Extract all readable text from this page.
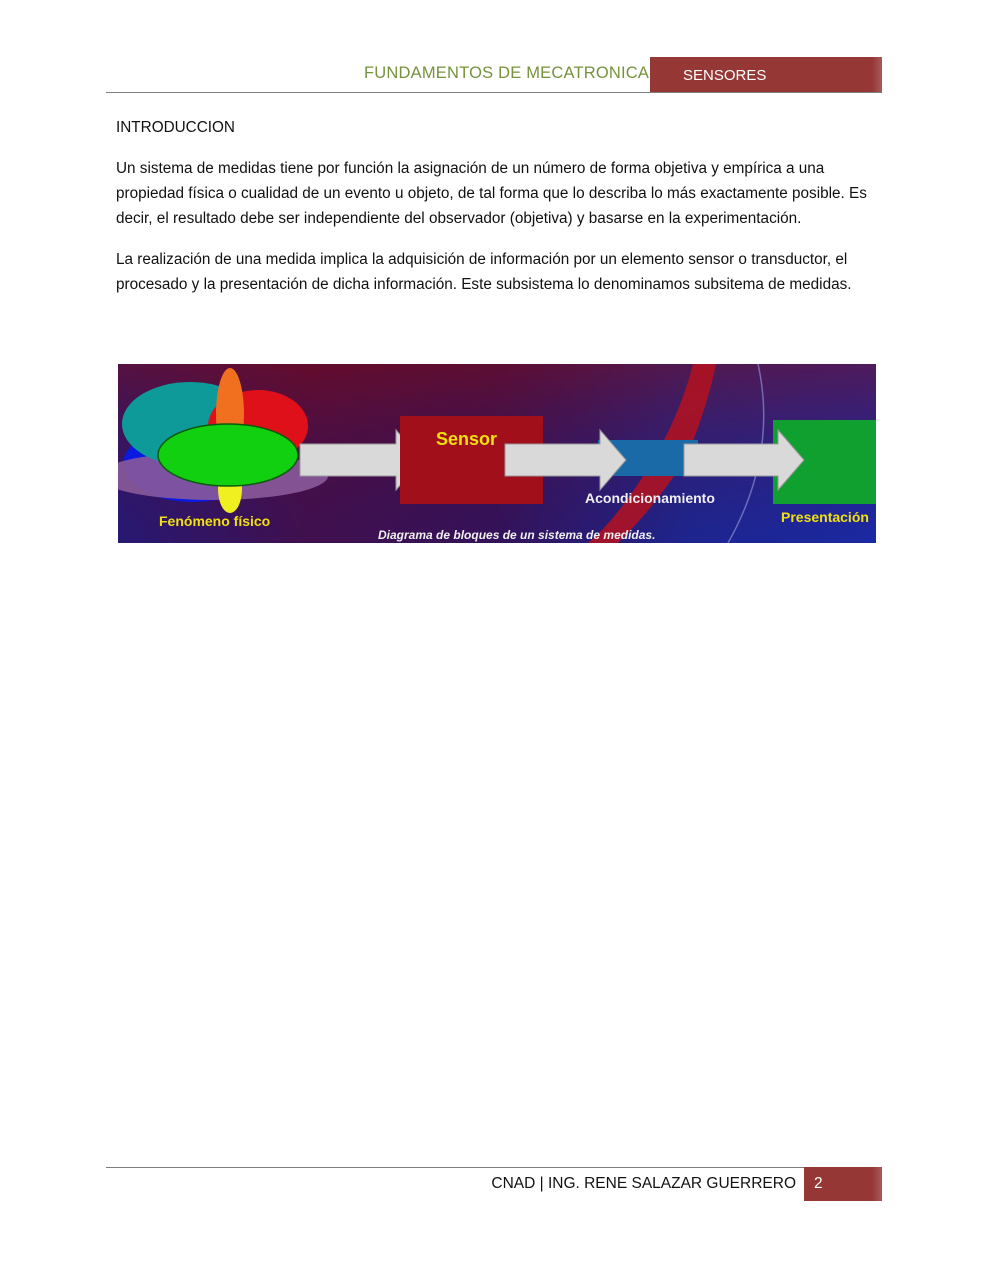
FUNDAMENTOS DE MECATRONICA	SENSORES
INTRODUCCION

Un sistema de medidas tiene por función la asignación de un número de forma objetiva y empírica a una propiedad física o cualidad de un evento u objeto, de tal forma que lo describa lo más exactamente posible. Es decir, el resultado debe ser independiente del observador (objetiva) y basarse en la experimentación.

La realización de una medida implica la adquisición de información por un elemento sensor o transductor, el procesado y la presentación de dicha información. Este subsistema lo denominamos subsitema de medidas.

Sensor
Acondicionamiento
Fenómeno físico	Presentación
Diagrama de bloques de un sistema de medidas.
CNAD | ING. RENE SALAZAR GUERRERO	2
